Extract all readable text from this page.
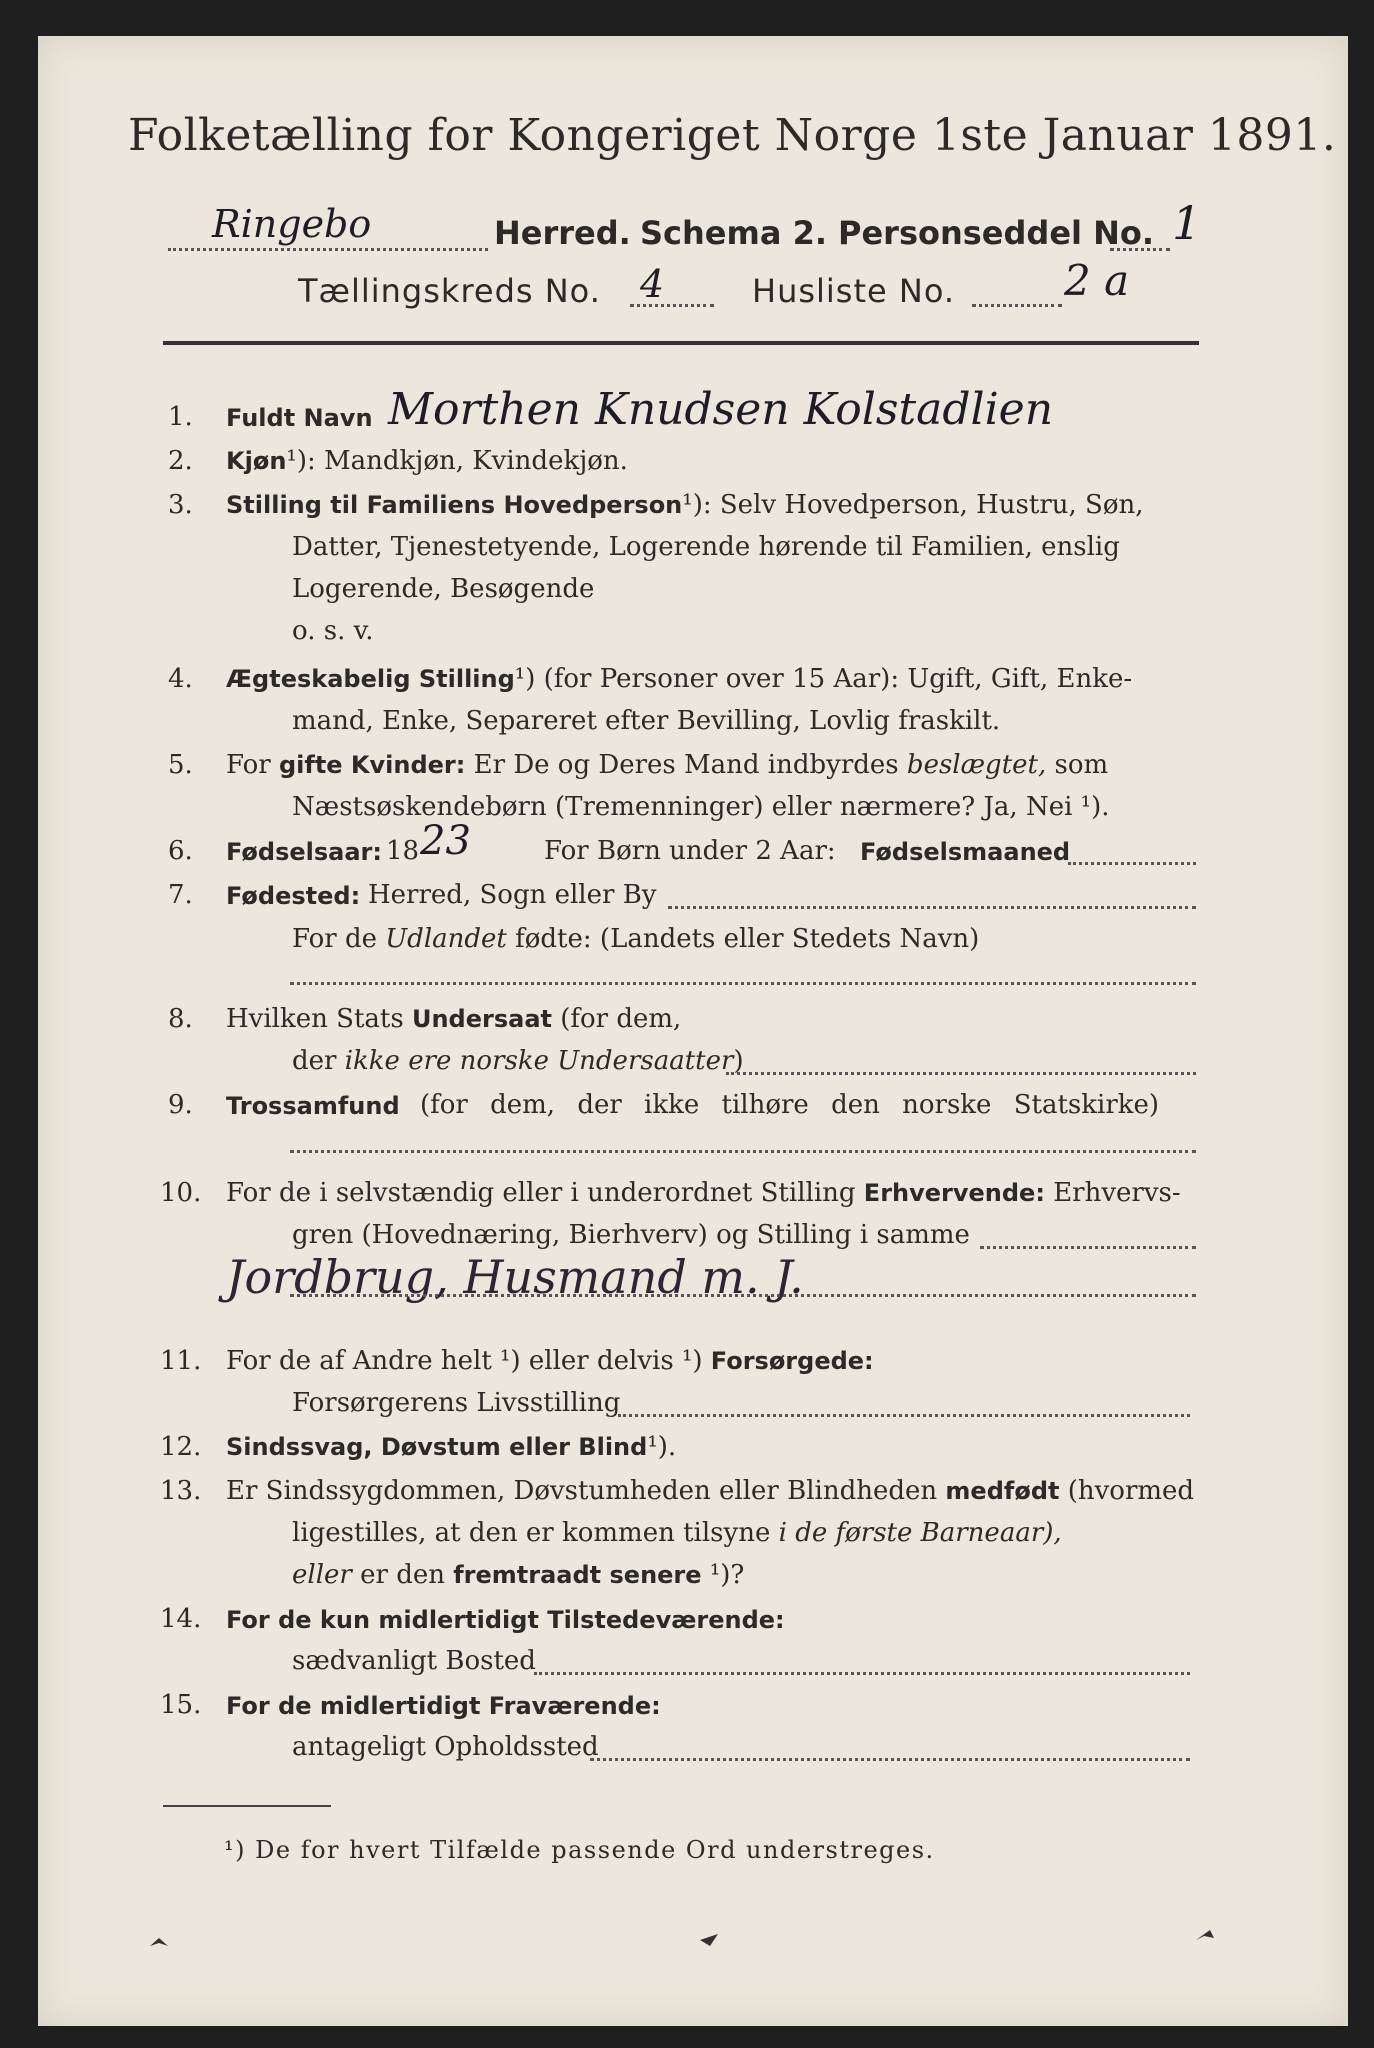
Folketælling for Kongeriget Norge 1ste Januar 1891.
Ringebo	Herred. Schema 2. Personseddel No. 1
Tællingskreds No. 4	Husliste No.	2 a
1. Fuldt Navn Morthen Knudsen Kolstadlien
2. Kjøn¹): Mandkjøn, Kvindekjøn.
3. Stilling til Familiens Hovedperson¹): Selv Hovedperson, Hustru, Søn,
Datter, Tjenestetyende, Logerende hørende til Familien, enslig
Logerende, Besøgende
o. s. v.
4. Ægteskabelig Stilling¹) (for Personer over 15 Aar): Ugift, Gift, Enke-
mand, Enke, Separeret efter Bevilling, Lovlig fraskilt.
5. For gifte Kvinder: Er De og Deres Mand indbyrdes beslægtet, som
Næstsøskendebørn (Tremenninger) eller nærmere? Ja, Nei ¹).
6. Fødselsaar: 18 23	For Børn under 2 Aar: Fødselsmaaned
7. Fødested: Herred, Sogn eller By
For de Udlandet fødte: (Landets eller Stedets Navn)
8. Hvilken Stats Undersaat (for dem,
der ikke ere norske Undersaatter)
9. Trossamfund (for dem, der ikke tilhøre den norske Statskirke)
10. For de i selvstændig eller i underordnet Stilling Erhvervende: Erhvervs-
gren (Hovednæring, Bierhverv) og Stilling i samme
Jordbrug, Husmand m. J.
11. For de af Andre helt ¹) eller delvis ¹) Forsørgede:
Forsørgerens Livsstilling
12. Sindssvag, Døvstum eller Blind¹).
13. Er Sindssygdommen, Døvstumheden eller Blindheden medfødt (hvormed
ligestilles, at den er kommen tilsyne i de første Barneaar),
eller er den fremtraadt senere ¹)?
14. For de kun midlertidigt Tilstedeværende:
sædvanligt Bosted
15. For de midlertidigt Fraværende:
antageligt Opholdssted
¹) De for hvert Tilfælde passende Ord understreges.
